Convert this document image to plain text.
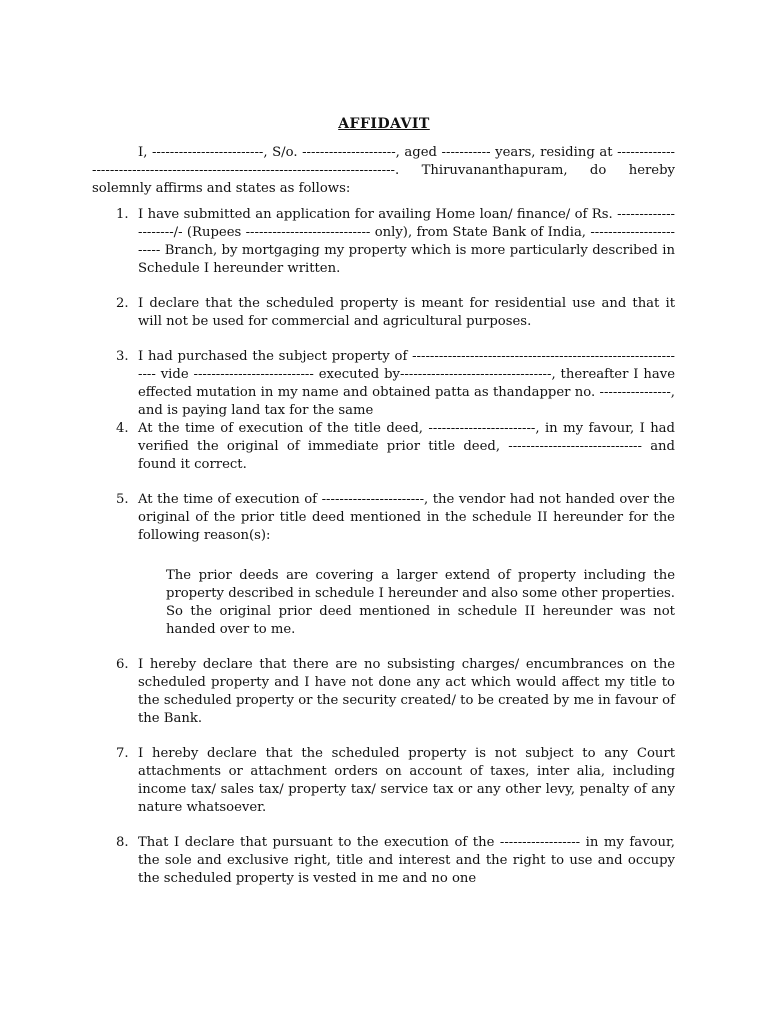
AFFIDAVIT

I, -------------------------, S/o. ---------------------, aged ----------- years, residing at ---------------------------------------------------------------------------------. Thiruvananthapuram, do hereby solemnly affirms and states as follows:

1. I have submitted an application for availing Home loan/ finance/ of Rs. ---------------------/- (Rupees ---------------------------- only), from State Bank of India, ------------------------ Branch, by mortgaging my property which is more particularly described in Schedule I hereunder written.
2. I declare that the scheduled property is meant for residential use and that it will not be used for commercial and agricultural purposes.
3. I had purchased the subject property of --------------------------------------------------------------- vide --------------------------- executed by----------------------------------, thereafter I have effected mutation in my name and obtained patta as thandapper no. ----------------, and is paying land tax for the same
4. At the time of execution of the title deed, ------------------------, in my favour, I had verified the original of immediate prior title deed, ------------------------------ and found it correct.
5. At the time of execution of -----------------------, the vendor had not handed over the original of the prior title deed mentioned in the schedule II hereunder for the following reason(s):
The prior deeds are covering a larger extend of property including the property described in schedule I hereunder and also some other properties. So the original prior deed mentioned in schedule II hereunder was not handed over to me.
6. I hereby declare that there are no subsisting charges/ encumbrances on the scheduled property and I have not done any act which would affect my title to the scheduled property or the security created/ to be created by me in favour of the Bank.
7. I hereby declare that the scheduled property is not subject to any Court attachments or attachment orders on account of taxes, inter alia, including income tax/ sales tax/ property tax/ service tax or any other levy, penalty of any nature whatsoever.
8. That I declare that pursuant to the execution of the ------------------ in my favour, the sole and exclusive right, title and interest and the right to use and occupy the scheduled property is vested in me and no one
